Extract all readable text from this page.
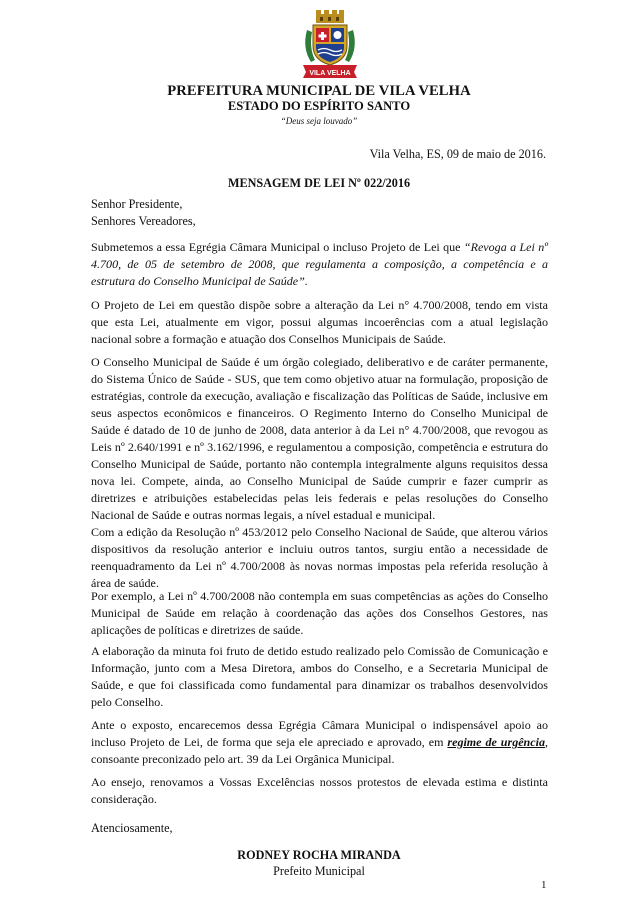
VILA VELHA
PREFEITURA MUNICIPAL DE VILA VELHA
ESTADO DO ESPÍRITO SANTO
“Deus seja louvado”
Vila Velha, ES, 09 de maio de 2016.
MENSAGEM DE LEI Nº 022/2016
Senhor Presidente,
Senhores Vereadores,

Submetemos a essa Egrégia Câmara Municipal o incluso Projeto de Lei que “Revoga a Lei nº 4.700, de 05 de setembro de 2008, que regulamenta a composição, a competência e a estrutura do Conselho Municipal de Saúde”.

O Projeto de Lei em questão dispõe sobre a alteração da Lei n° 4.700/2008, tendo em vista que esta Lei, atualmente em vigor, possui algumas incoerências com a atual legislação nacional sobre a formação e atuação dos Conselhos Municipais de Saúde.

O Conselho Municipal de Saúde é um órgão colegiado, deliberativo e de caráter permanente, do Sistema Único de Saúde - SUS, que tem como objetivo atuar na formulação, proposição de estratégias, controle da execução, avaliação e fiscalização das Políticas de Saúde, inclusive em seus aspectos econômicos e financeiros. O Regimento Interno do Conselho Municipal de Saúde é datado de 10 de junho de 2008, data anterior à da Lei n° 4.700/2008, que revogou as Leis nº 2.640/1991 e nº 3.162/1996, e regulamentou a composição, competência e estrutura do Conselho Municipal de Saúde, portanto não contempla integralmente alguns requisitos dessa nova lei. Compete, ainda, ao Conselho Municipal de Saúde cumprir e fazer cumprir as diretrizes e atribuições estabelecidas pelas leis federais e pelas resoluções do Conselho Nacional de Saúde e outras normas legais, a nível estadual e municipal.

Com a edição da Resolução nº 453/2012 pelo Conselho Nacional de Saúde, que alterou vários dispositivos da resolução anterior e incluiu outros tantos, surgiu então a necessidade de reenquadramento da Lei nº 4.700/2008 às novas normas impostas pela referida resolução à área de saúde.

Por exemplo, a Lei nº 4.700/2008 não contempla em suas competências as ações do Conselho Municipal de Saúde em relação à coordenação das ações dos Conselhos Gestores, nas aplicações de políticas e diretrizes de saúde.

A elaboração da minuta foi fruto de detido estudo realizado pelo Comissão de Comunicação e Informação, junto com a Mesa Diretora, ambos do Conselho, e a Secretaria Municipal de Saúde, e que foi classificada como fundamental para dinamizar os trabalhos desenvolvidos pelo Conselho.

Ante o exposto, encarecemos dessa Egrégia Câmara Municipal o indispensável apoio ao incluso Projeto de Lei, de forma que seja ele apreciado e aprovado, em regime de urgência, consoante preconizado pelo art. 39 da Lei Orgânica Municipal.

Ao ensejo, renovamos a Vossas Excelências nossos protestos de elevada estima e distinta consideração.

Atenciosamente,
RODNEY ROCHA MIRANDA
Prefeito Municipal
1
